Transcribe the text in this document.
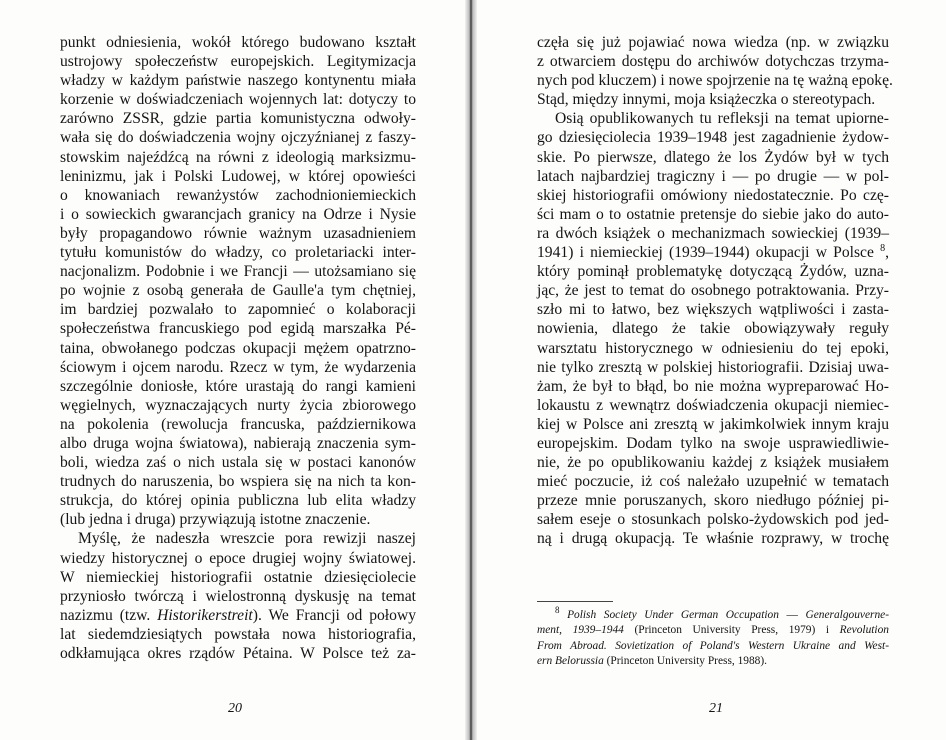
punkt odniesienia, wokół którego budowano kształt
ustrojowy społeczeństw europejskich. Legitymizacja
władzy w każdym państwie naszego kontynentu miała
korzenie w doświadczeniach wojennych lat: dotyczy to
zarówno ZSSR, gdzie partia komunistyczna odwoły-
wała się do doświadczenia wojny ojczyźnianej z faszy-
stowskim najeźdźcą na równi z ideologią marksizmu-
leninizmu, jak i Polski Ludowej, w której opowieści
o knowaniach rewanżystów zachodnioniemieckich
i o sowieckich gwarancjach granicy na Odrze i Nysie
były propagandowo równie ważnym uzasadnieniem
tytułu komunistów do władzy, co proletariacki inter-
nacjonalizm. Podobnie i we Francji — utożsamiano się
po wojnie z osobą generała de Gaulle'a tym chętniej,
im bardziej pozwalało to zapomnieć o kolaboracji
społeczeństwa francuskiego pod egidą marszałka Pé-
taina, obwołanego podczas okupacji mężem opatrzno-
ściowym i ojcem narodu. Rzecz w tym, że wydarzenia
szczególnie doniosłe, które urastają do rangi kamieni
węgielnych, wyznaczających nurty życia zbiorowego
na pokolenia (rewolucja francuska, październikowa
albo druga wojna światowa), nabierają znaczenia sym-
boli, wiedza zaś o nich ustala się w postaci kanonów
trudnych do naruszenia, bo wspiera się na nich ta kon-
strukcja, do której opinia publiczna lub elita władzy
(lub jedna i druga) przywiązują istotne znaczenie.
Myślę, że nadeszła wreszcie pora rewizji naszej
wiedzy historycznej o epoce drugiej wojny światowej.
W niemieckiej historiografii ostatnie dziesięciolecie
przyniosło twórczą i wielostronną dyskusję na temat
nazizmu (tzw. Historikerstreit). We Francji od połowy
lat siedemdziesiątych powstała nowa historiografia,
odkłamująca okres rządów Pétaina. W Polsce też za-
20
częła się już pojawiać nowa wiedza (np. w związku
z otwarciem dostępu do archiwów dotychczas trzyma-
nych pod kluczem) i nowe spojrzenie na tę ważną epokę.
Stąd, między innymi, moja książeczka o stereotypach.
Osią opublikowanych tu refleksji na temat upiorne-
go dziesięciolecia 1939–1948 jest zagadnienie żydow-
skie. Po pierwsze, dlatego że los Żydów był w tych
latach najbardziej tragiczny i — po drugie — w pol-
skiej historiografii omówiony niedostatecznie. Po czę-
ści mam o to ostatnie pretensje do siebie jako do auto-
ra dwóch książek o mechanizmach sowieckiej (1939–
1941) i niemieckiej (1939–1944) okupacji w Polsce $^8$,
który pominął problematykę dotyczącą Żydów, uzna-
jąc, że jest to temat do osobnego potraktowania. Przy-
szło mi to łatwo, bez większych wątpliwości i zasta-
nowienia, dlatego że takie obowiązywały reguły
warsztatu historycznego w odniesieniu do tej epoki,
nie tylko zresztą w polskiej historiografii. Dzisiaj uwa-
żam, że był to błąd, bo nie można wypreparować Ho-
lokaustu z wewnątrz doświadczenia okupacji niemiec-
kiej w Polsce ani zresztą w jakimkolwiek innym kraju
europejskim. Dodam tylko na swoje usprawiedliwie-
nie, że po opublikowaniu każdej z książek musiałem
mieć poczucie, iż coś należało uzupełnić w tematach
przeze mnie poruszanych, skoro niedługo później pi-
sałem eseje o stosunkach polsko-żydowskich pod jed-
ną i drugą okupacją. Te właśnie rozprawy, w trochę
$^8$ Polish Society Under German Occupation — Generalgouverne-
ment, 1939–1944 (Princeton University Press, 1979) i Revolution
From Abroad. Sovietization of Poland's Western Ukraine and West-
ern Belorussia (Princeton University Press, 1988).
21
